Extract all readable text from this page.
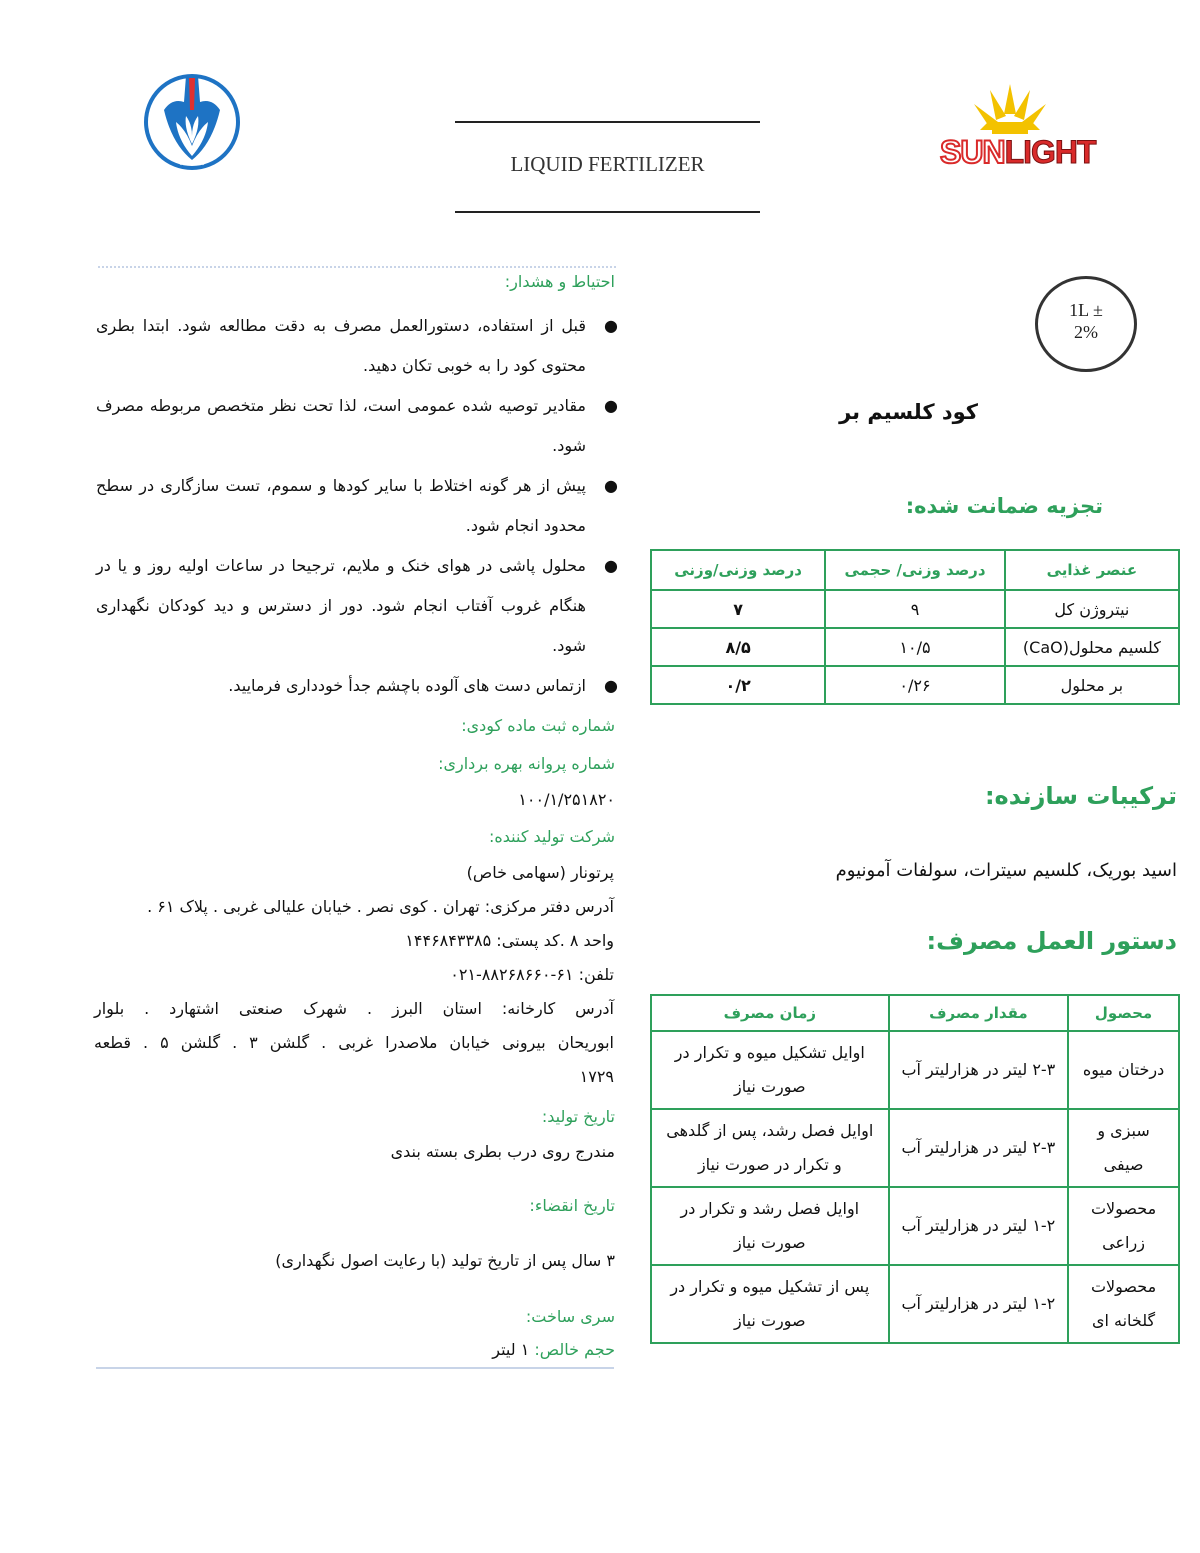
LIQUID FERTILIZER	SUNLIGHT
احتیاط و هشدار:
●
قبل از استفاده، دستورالعمل مصرف به دقت مطالعه شود. ابتدا بطری محتوی کود را به خوبی تکان دهید.
●
مقادیر توصیه شده عمومی است، لذا تحت نظر متخصص مربوطه مصرف شود.
●
پیش از هر گونه اختلاط با سایر کودها و سموم، تست سازگاری در سطح محدود انجام شود.
●
محلول پاشی در هوای خنک و ملایم، ترجیحا در ساعات اولیه روز و یا در هنگام غروب آفتاب انجام شود. دور از دسترس و دید کودکان نگهداری شود.
●
ازتماس دست های آلوده باچشم جدأ خودداری فرمایید.
شماره ثبت ماده کودی:
شماره پروانه بهره برداری:
۱۰۰/۱/۲۵۱۸۲۰
شرکت تولید کننده:
پرتونار (سهامی خاص)
آدرس دفتر مرکزی: تهران . کوی نصر . خیابان علیالی غربی . پلاک ۶۱ .
واحد ۸ .کد پستی: ۱۴۴۶۸۴۳۳۸۵
تلفن: ۶۱-۸۸۲۶۸۶۶۰-۰۲۱
آدرس کارخانه: استان البرز . شهرک صنعتی اشتهارد . بلوار
ابوریحان بیرونی خیابان ملاصدرا غربی . گلشن ۳ . گلشن ۵ . قطعه
۱۷۲۹
تاریخ تولید:
مندرج روی درب بطری بسته بندی
تاریخ انقضاء:
۳ سال پس از تاریخ تولید (با رعایت اصول نگهداری)
سری ساخت:
حجم خالص: ۱ لیتر
1L ±
2%
کود کلسیم بر
تجزیه ضمانت شده:
عنصر غذایی	درصد وزنی/ حجمی	درصد وزنی/وزنی
نیتروژن کل	۹	۷
کلسیم محلول(CaO)	۱۰/۵	۸/۵
بر محلول	۰/۲۶	۰/۲
ترکیبات سازنده:
اسید بوریک، کلسیم سیترات، سولفات آمونیوم
دستور العمل مصرف:
محصول	مقدار مصرف	زمان مصرف
درختان میوه	۲-۳ لیتر در هزارلیتر آب	اوایل تشکیل میوه و تکرار در صورت نیاز
سبزی و صیفی	۲-۳ لیتر در هزارلیتر آب	اوایل فصل رشد، پس از گلدهی و تکرار در صورت نیاز
محصولات زراعی	۱-۲ لیتر در هزارلیتر آب	اوایل فصل رشد و تکرار در صورت نیاز
محصولات گلخانه ای	۱-۲ لیتر در هزارلیتر آب	پس از تشکیل میوه و تکرار در صورت نیاز
